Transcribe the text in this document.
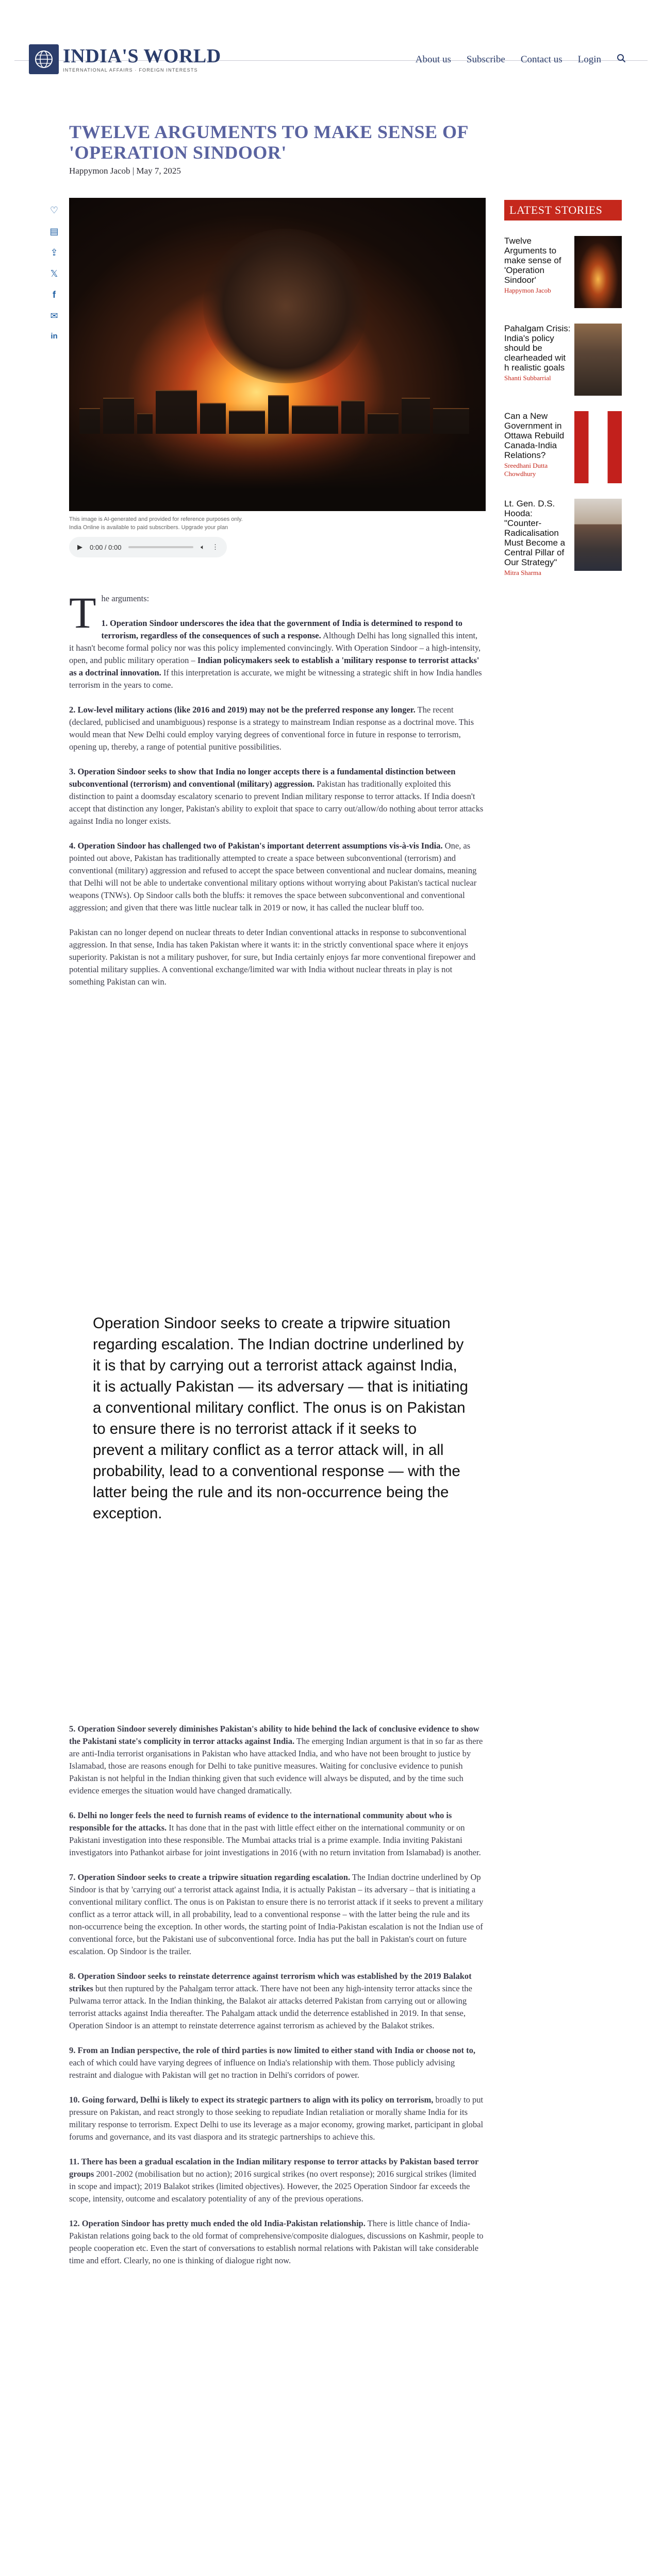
INDIA'S WORLD
INTERNATIONAL AFFAIRS · FOREIGN INTERESTS
About us Subscribe Contact us Login
TWELVE ARGUMENTS TO MAKE SENSE OF 'OPERATION SINDOOR'
Happymon Jacob | May 7, 2025
♡
▤
⇪
𝕏
f
✉
in
This image is AI-generated and provided for reference purposes only.
India Online is available to paid subscribers. Upgrade your plan
▶ 0:00 / 0:00	🔈︎ ⋮
LATEST STORIES
Twelve Arguments to make sense of 'Operation Sindoor'
Happymon Jacob
Pahalgam Crisis: India's policy should be clearheaded wit h realistic goals
Shanti Subbarrial
Can a New Government in Ottawa Rebuild Canada-India Relations?
Sreedhani Dutta Chowdhury
Lt. Gen. D.S. Hooda: "Counter-Radicalisation Must Become a Central Pillar of Our Strategy"
Mitra Sharma

The arguments:

1. Operation Sindoor underscores the idea that the government of India is determined to respond to terrorism, regardless of the consequences of such a response. Although Delhi has long signalled this intent, it hasn't become formal policy nor was this policy implemented convincingly. With Operation Sindoor – a high-intensity, open, and public military operation – Indian policymakers seek to establish a 'military response to terrorist attacks' as a doctrinal innovation. If this interpretation is accurate, we might be witnessing a strategic shift in how India handles terrorism in the years to come.

2. Low-level military actions (like 2016 and 2019) may not be the preferred response any longer. The recent (declared, publicised and unambiguous) response is a strategy to mainstream Indian response as a doctrinal move. This would mean that New Delhi could employ varying degrees of conventional force in future in response to terrorism, opening up, thereby, a range of potential punitive possibilities.

3. Operation Sindoor seeks to show that India no longer accepts there is a fundamental distinction between subconventional (terrorism) and conventional (military) aggression. Pakistan has traditionally exploited this distinction to paint a doomsday escalatory scenario to prevent Indian military response to terror attacks. If India doesn't accept that distinction any longer, Pakistan's ability to exploit that space to carry out/allow/do nothing about terror attacks against India no longer exists.

4. Operation Sindoor has challenged two of Pakistan's important deterrent assumptions vis-à-vis India. One, as pointed out above, Pakistan has traditionally attempted to create a space between subconventional (terrorism) and conventional (military) aggression and refused to accept the space between conventional and nuclear domains, meaning that Delhi will not be able to undertake conventional military options without worrying about Pakistan's tactical nuclear weapons (TNWs). Op Sindoor calls both the bluffs: it removes the space between subconventional and conventional aggression; and given that there was little nuclear talk in 2019 or now, it has called the nuclear bluff too.

Pakistan can no longer depend on nuclear threats to deter Indian conventional attacks in response to subconventional aggression. In that sense, India has taken Pakistan where it wants it: in the strictly conventional space where it enjoys superiority. Pakistan is not a military pushover, for sure, but India certainly enjoys far more conventional firepower and potential military supplies. A conventional exchange/limited war with India without nuclear threats in play is not something Pakistan can win.

Operation Sindoor seeks to create a tripwire situation regarding escalation. The Indian doctrine underlined by it is that by carrying out a terrorist attack against India, it is actually Pakistan — its adversary — that is initiating a conventional military conflict. The onus is on Pakistan to ensure there is no terrorist attack if it seeks to prevent a military conflict as a terror attack will, in all probability, lead to a conventional response — with the latter being the rule and its non-occurrence being the exception.

5. Operation Sindoor severely diminishes Pakistan's ability to hide behind the lack of conclusive evidence to show the Pakistani state's complicity in terror attacks against India. The emerging Indian argument is that in so far as there are anti-India terrorist organisations in Pakistan who have attacked India, and who have not been brought to justice by Islamabad, those are reasons enough for Delhi to take punitive measures. Waiting for conclusive evidence to punish Pakistan is not helpful in the Indian thinking given that such evidence will always be disputed, and by the time such evidence emerges the situation would have changed dramatically.

6. Delhi no longer feels the need to furnish reams of evidence to the international community about who is responsible for the attacks. It has done that in the past with little effect either on the international community or on Pakistani investigation into these responsible. The Mumbai attacks trial is a prime example. India inviting Pakistani investigators into Pathankot airbase for joint investigations in 2016 (with no return invitation from Islamabad) is another.

7. Operation Sindoor seeks to create a tripwire situation regarding escalation. The Indian doctrine underlined by Op Sindoor is that by 'carrying out' a terrorist attack against India, it is actually Pakistan – its adversary – that is initiating a conventional military conflict. The onus is on Pakistan to ensure there is no terrorist attack if it seeks to prevent a military conflict as a terror attack will, in all probability, lead to a conventional response – with the latter being the rule and its non-occurrence being the exception. In other words, the starting point of India-Pakistan escalation is not the Indian use of conventional force, but the Pakistani use of subconventional force. India has put the ball in Pakistan's court on future escalation. Op Sindoor is the trailer.

8. Operation Sindoor seeks to reinstate deterrence against terrorism which was established by the 2019 Balakot strikes but then ruptured by the Pahalgam terror attack. There have not been any high-intensity terror attacks since the Pulwama terror attack. In the Indian thinking, the Balakot air attacks deterred Pakistan from carrying out or allowing terrorist attacks against India thereafter. The Pahalgam attack undid the deterrence established in 2019. In that sense, Operation Sindoor is an attempt to reinstate deterrence against terrorism as achieved by the Balakot strikes.

9. From an Indian perspective, the role of third parties is now limited to either stand with India or choose not to, each of which could have varying degrees of influence on India's relationship with them. Those publicly advising restraint and dialogue with Pakistan will get no traction in Delhi's corridors of power.

10. Going forward, Delhi is likely to expect its strategic partners to align with its policy on terrorism, broadly to put pressure on Pakistan, and react strongly to those seeking to repudiate Indian retaliation or morally shame India for its military response to terrorism. Expect Delhi to use its leverage as a major economy, growing market, participant in global forums and governance, and its vast diaspora and its strategic partnerships to achieve this.

11. There has been a gradual escalation in the Indian military response to terror attacks by Pakistan based terror groups 2001-2002 (mobilisation but no action); 2016 surgical strikes (no overt response); 2016 surgical strikes (limited in scope and impact); 2019 Balakot strikes (limited objectives). However, the 2025 Operation Sindoor far exceeds the scope, intensity, outcome and escalatory potentiality of any of the previous operations.

12. Operation Sindoor has pretty much ended the old India-Pakistan relationship. There is little chance of India-Pakistan relations going back to the old format of comprehensive/composite dialogues, discussions on Kashmir, people to people cooperation etc. Even the start of conversations to establish normal relations with Pakistan will take considerable time and effort. Clearly, no one is thinking of dialogue right now.
